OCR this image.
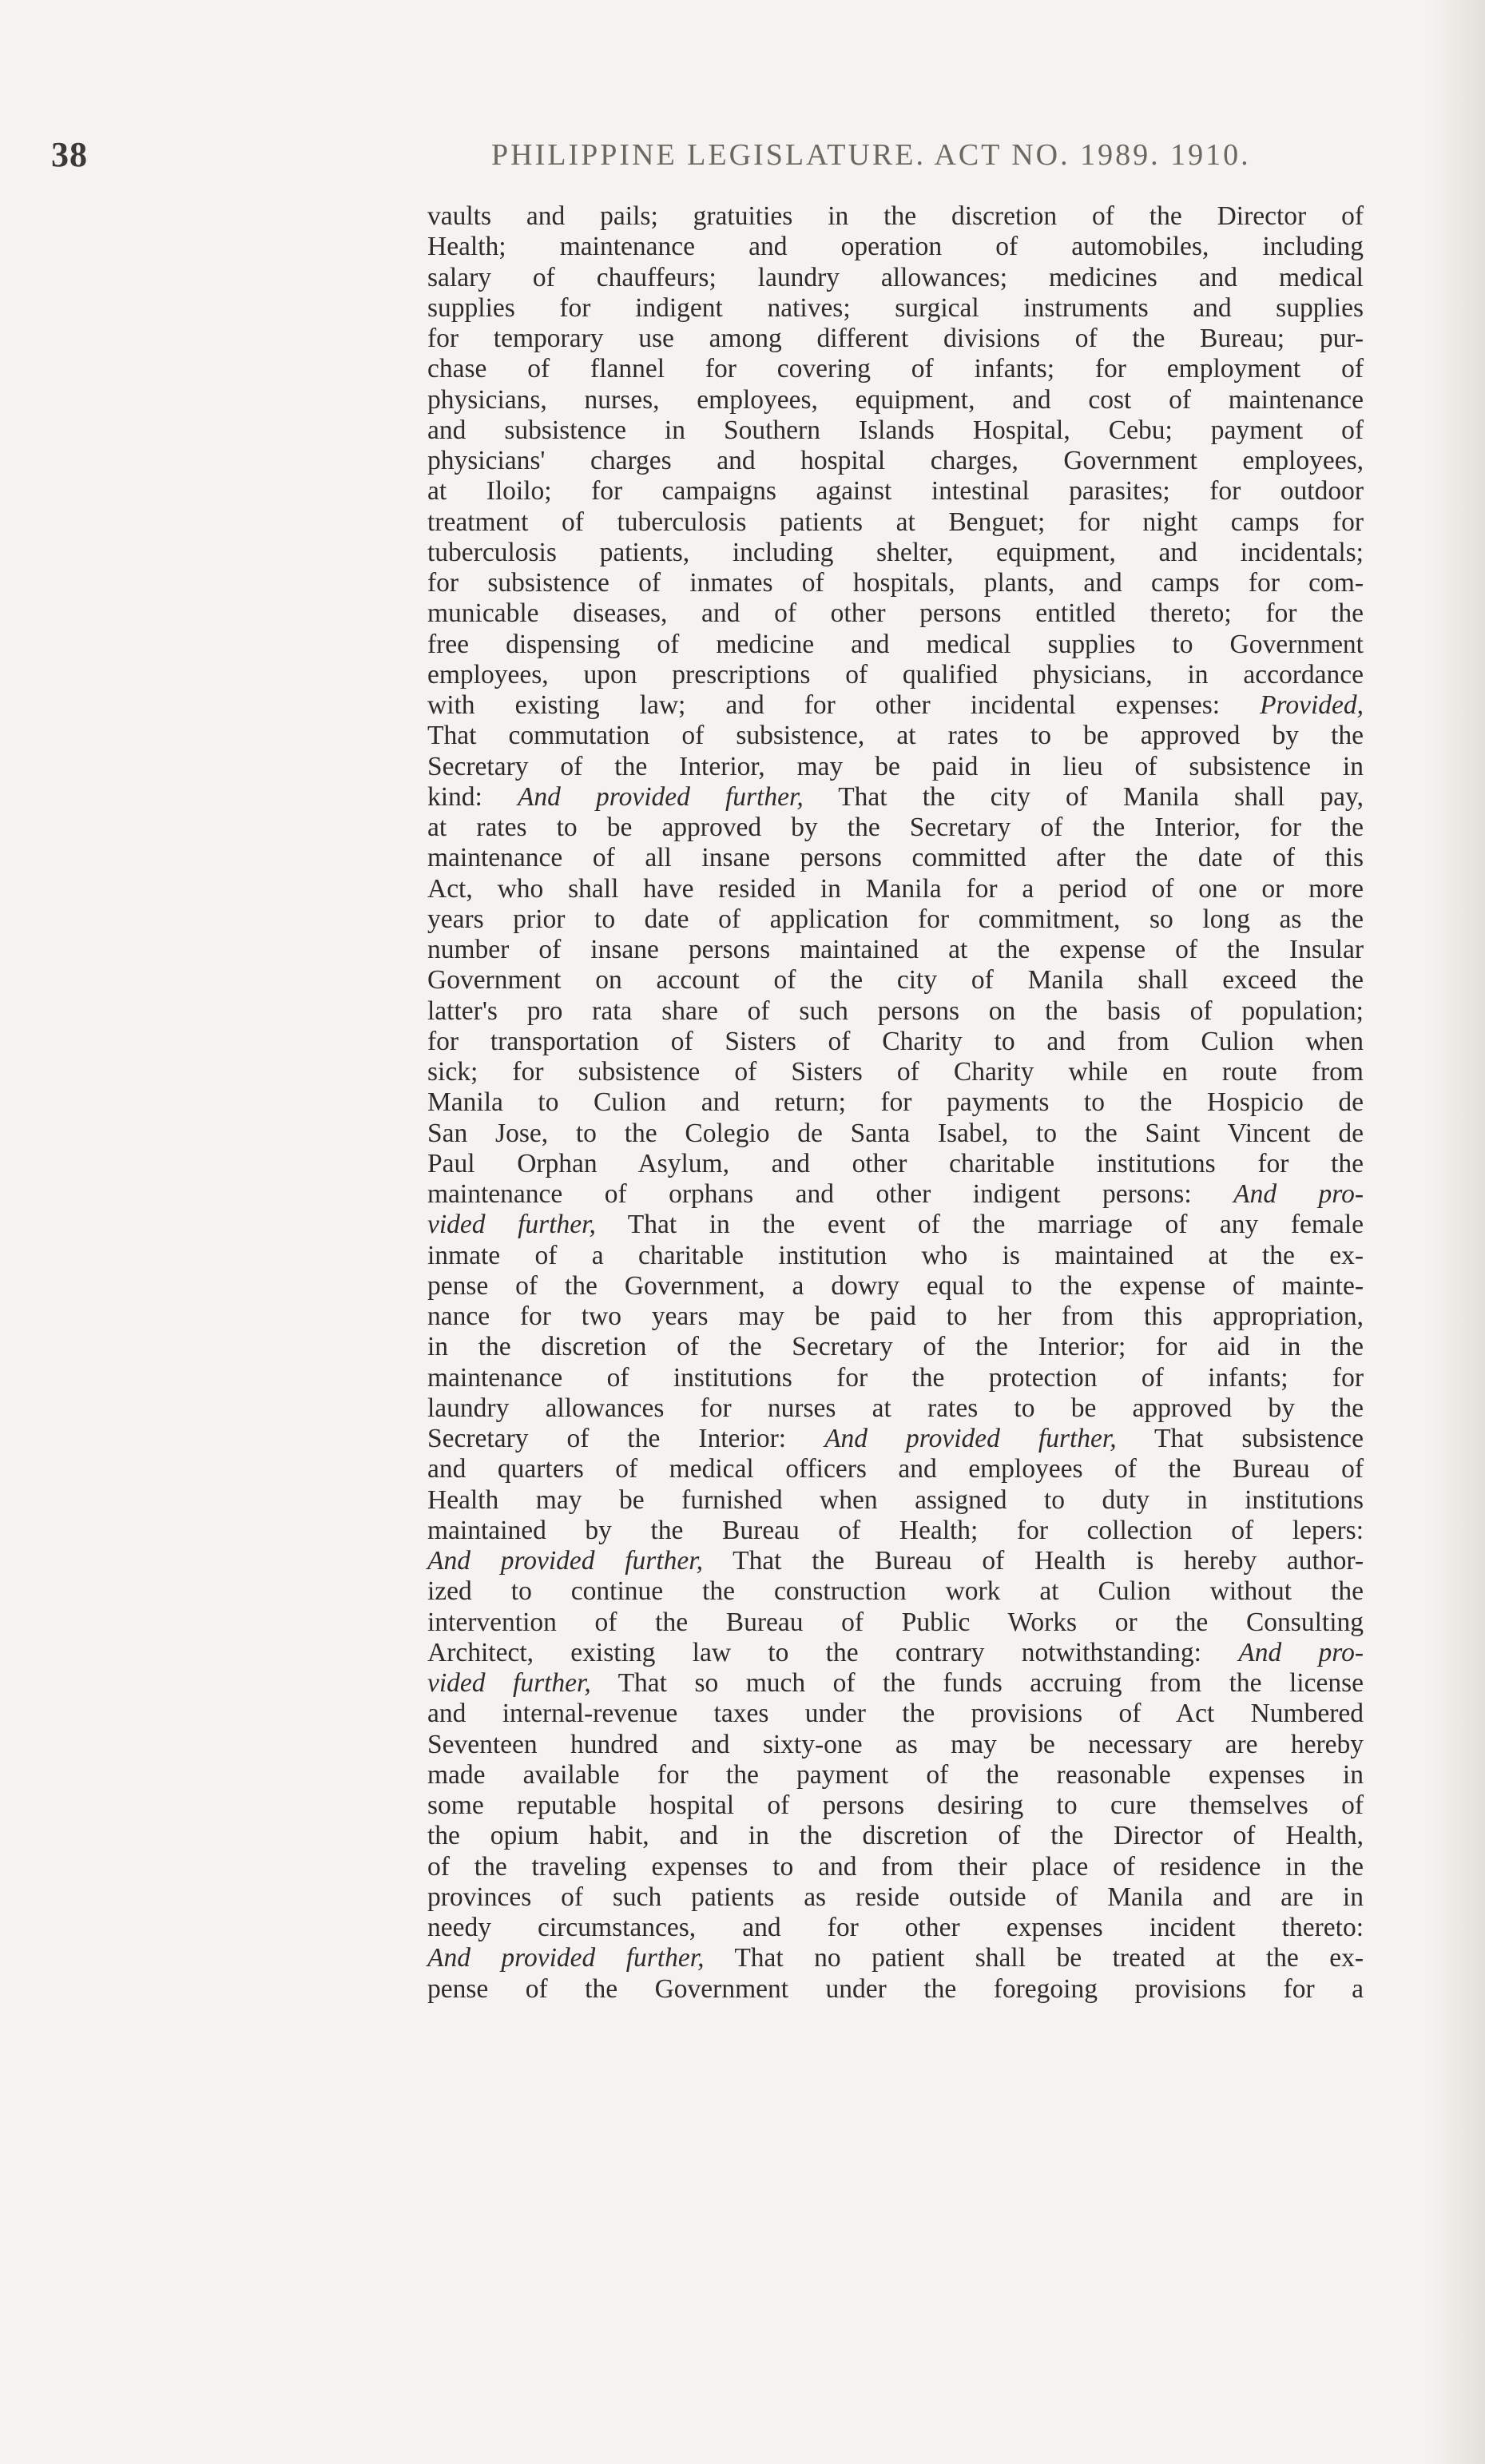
38	PHILIPPINE LEGISLATURE. ACT NO. 1989. 1910.
vaults and pails; gratuities in the discretion of the Director of
Health; maintenance and operation of automobiles, including
salary of chauffeurs; laundry allowances; medicines and medical
supplies for indigent natives; surgical instruments and supplies
for temporary use among different divisions of the Bureau; pur-
chase of flannel for covering of infants; for employment of
physicians, nurses, employees, equipment, and cost of maintenance
and subsistence in Southern Islands Hospital, Cebu; payment of
physicians' charges and hospital charges, Government employees,
at Iloilo; for campaigns against intestinal parasites; for outdoor
treatment of tuberculosis patients at Benguet; for night camps for
tuberculosis patients, including shelter, equipment, and incidentals;
for subsistence of inmates of hospitals, plants, and camps for com-
municable diseases, and of other persons entitled thereto; for the
free dispensing of medicine and medical supplies to Government
employees, upon prescriptions of qualified physicians, in accordance
with existing law; and for other incidental expenses: Provided,
That commutation of subsistence, at rates to be approved by the
Secretary of the Interior, may be paid in lieu of subsistence in
kind: And provided further, That the city of Manila shall pay,
at rates to be approved by the Secretary of the Interior, for the
maintenance of all insane persons committed after the date of this
Act, who shall have resided in Manila for a period of one or more
years prior to date of application for commitment, so long as the
number of insane persons maintained at the expense of the Insular
Government on account of the city of Manila shall exceed the
latter's pro rata share of such persons on the basis of population;
for transportation of Sisters of Charity to and from Culion when
sick; for subsistence of Sisters of Charity while en route from
Manila to Culion and return; for payments to the Hospicio de
San Jose, to the Colegio de Santa Isabel, to the Saint Vincent de
Paul Orphan Asylum, and other charitable institutions for the
maintenance of orphans and other indigent persons: And pro-
vided further, That in the event of the marriage of any female
inmate of a charitable institution who is maintained at the ex-
pense of the Government, a dowry equal to the expense of mainte-
nance for two years may be paid to her from this appropriation,
in the discretion of the Secretary of the Interior; for aid in the
maintenance of institutions for the protection of infants; for
laundry allowances for nurses at rates to be approved by the
Secretary of the Interior: And provided further, That subsistence
and quarters of medical officers and employees of the Bureau of
Health may be furnished when assigned to duty in institutions
maintained by the Bureau of Health; for collection of lepers:
And provided further, That the Bureau of Health is hereby author-
ized to continue the construction work at Culion without the
intervention of the Bureau of Public Works or the Consulting
Architect, existing law to the contrary notwithstanding: And pro-
vided further, That so much of the funds accruing from the license
and internal-revenue taxes under the provisions of Act Numbered
Seventeen hundred and sixty-one as may be necessary are hereby
made available for the payment of the reasonable expenses in
some reputable hospital of persons desiring to cure themselves of
the opium habit, and in the discretion of the Director of Health,
of the traveling expenses to and from their place of residence in the
provinces of such patients as reside outside of Manila and are in
needy circumstances, and for other expenses incident thereto:
And provided further, That no patient shall be treated at the ex-
pense of the Government under the foregoing provisions for a
